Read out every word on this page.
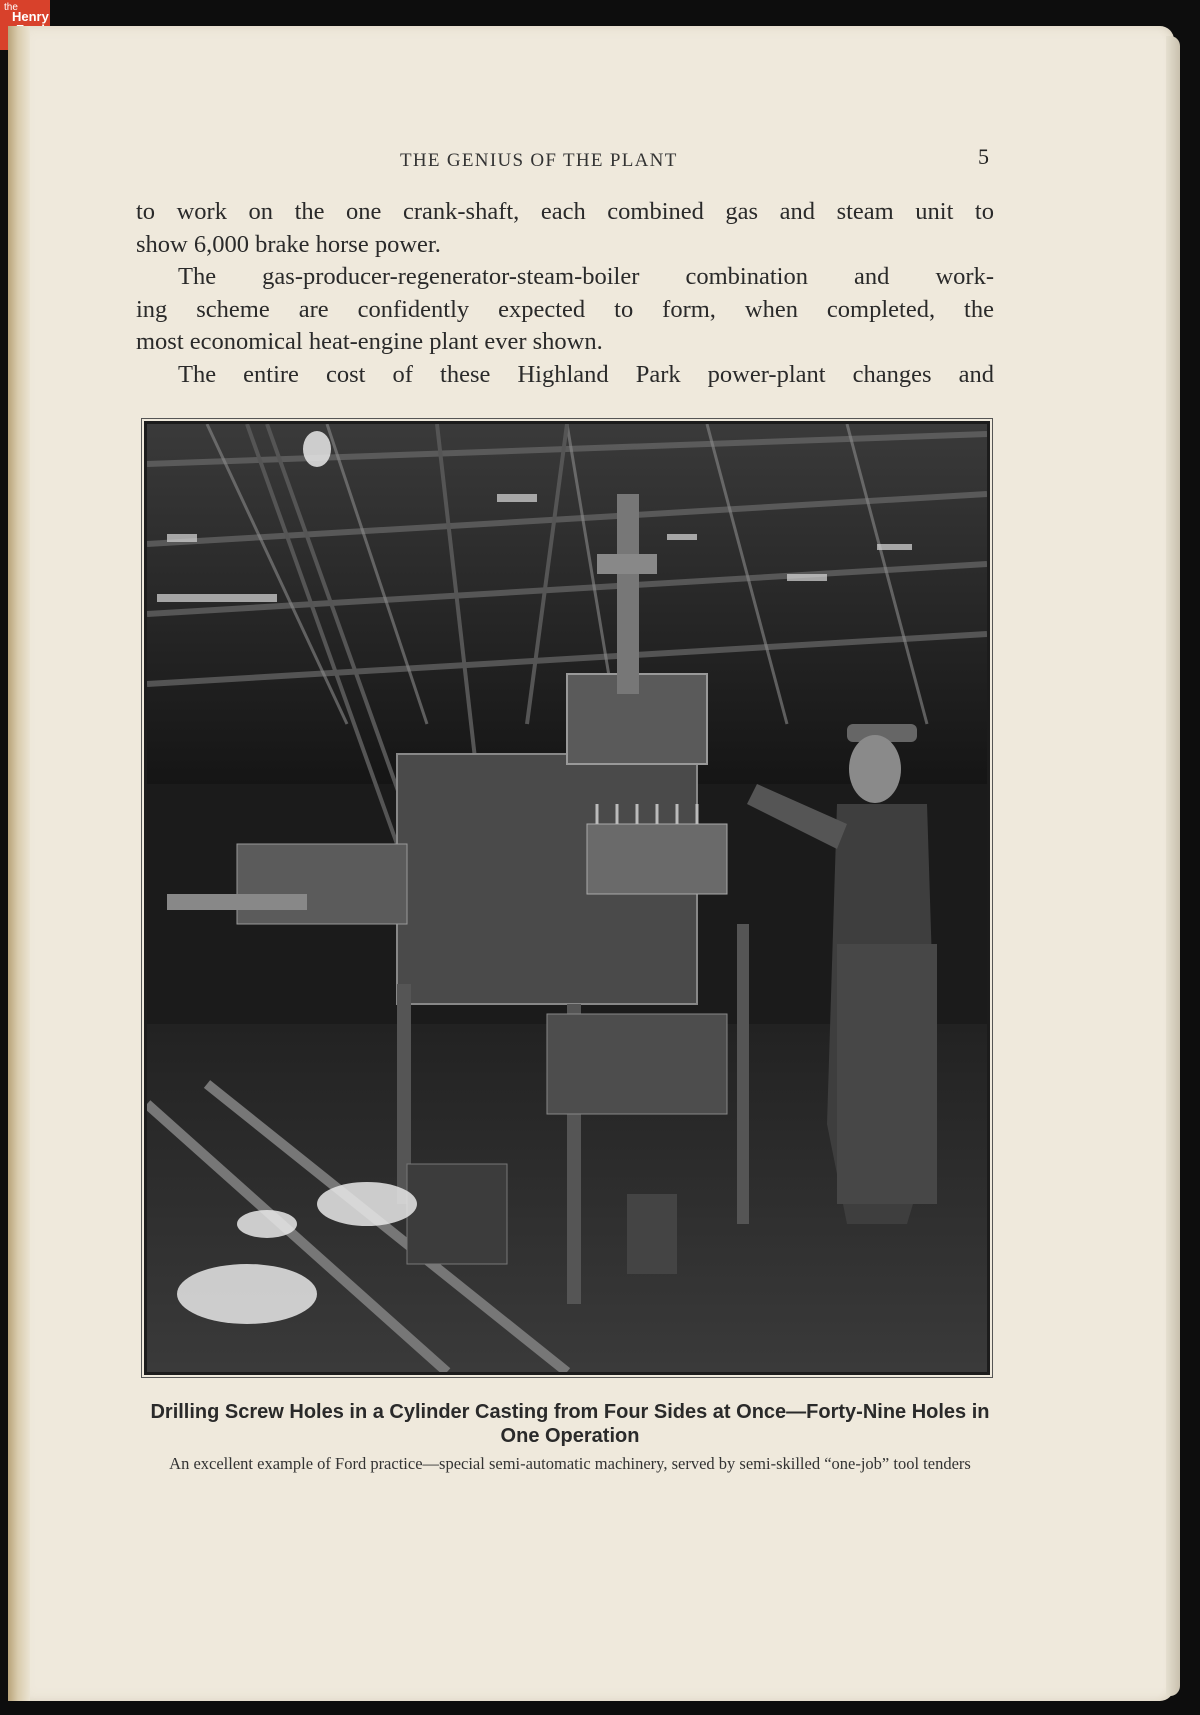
the
Henry
THE GENIUS OF THE PLANT	5

to work on the one crank-shaft, each combined gas and steam unit to

show 6,000 brake horse power.

The gas-producer-regenerator-steam-boiler combination and work-

ing scheme are confidently expected to form, when completed, the

most economical heat-engine plant ever shown.

The entire cost of these Highland Park power-plant changes and

Drilling Screw Holes in a Cylinder Casting from Four Sides at Once—Forty-Nine Holes in One Operation
An excellent example of Ford practice—special semi-automatic machinery, served by semi-skilled “one-job” tool tenders
